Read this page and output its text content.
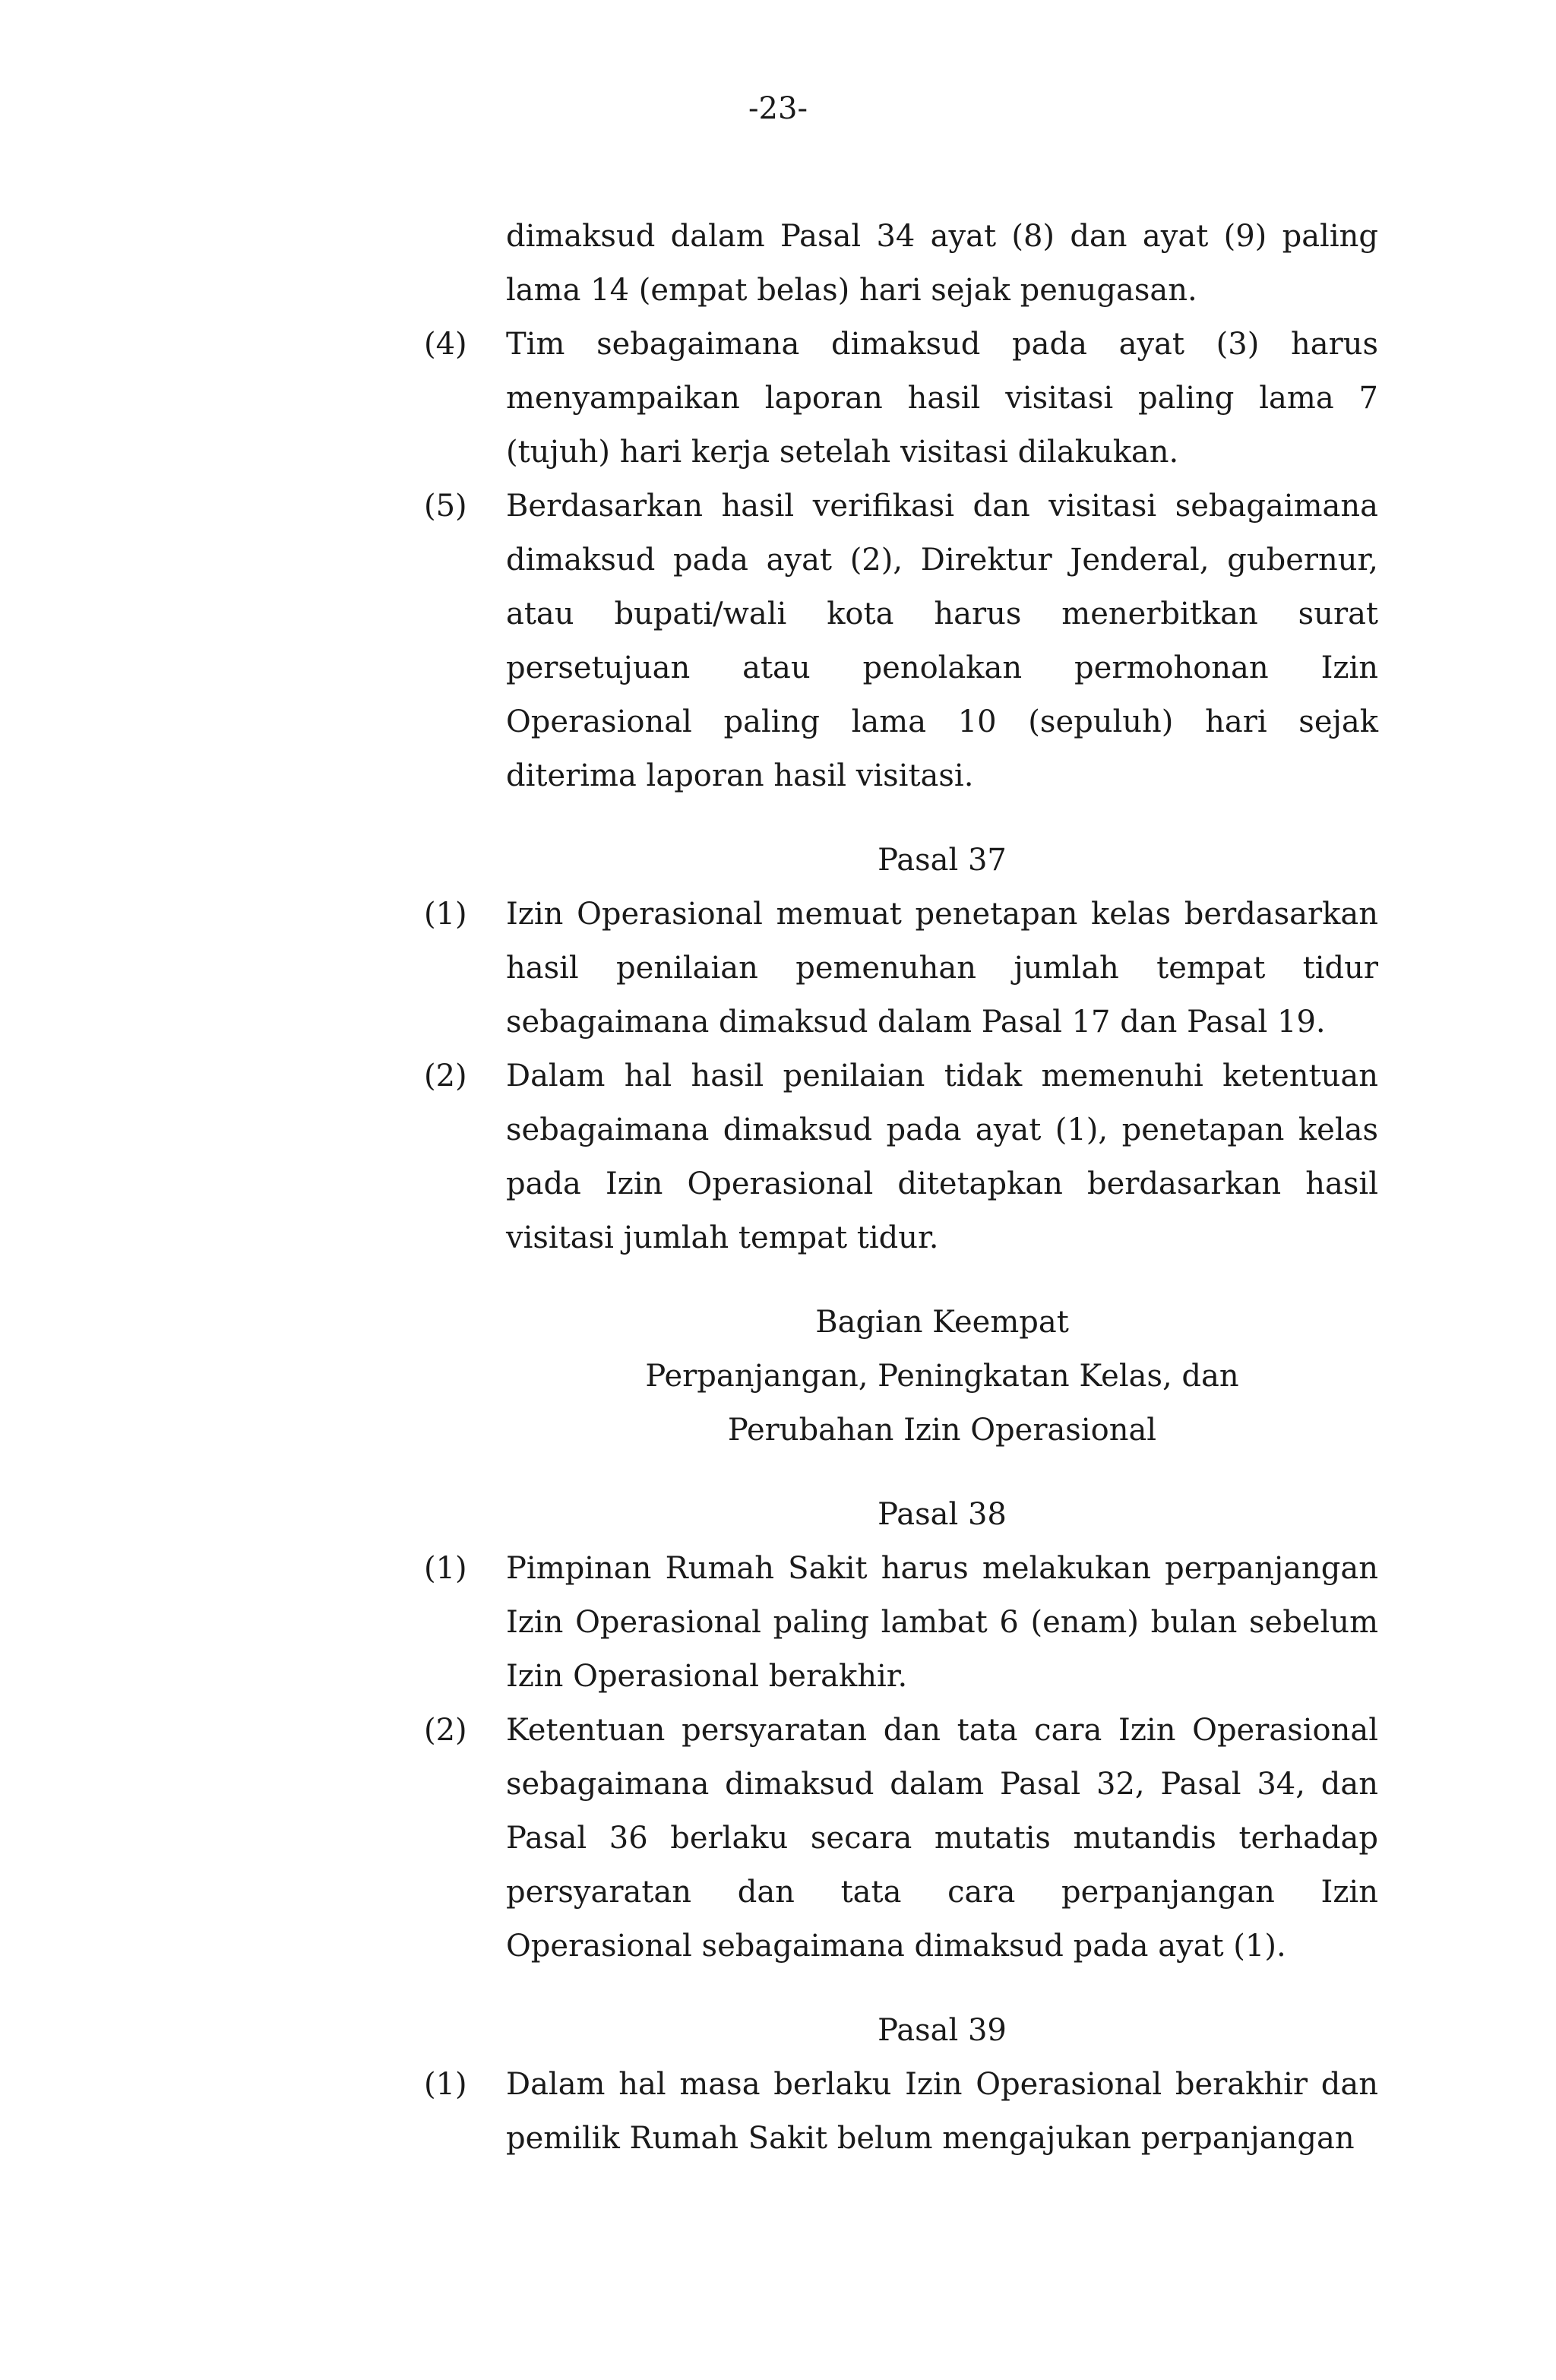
-23-
dimaksud dalam Pasal 34 ayat (8) dan ayat (9) paling lama 14 (empat belas) hari sejak penugasan.
(4) Tim sebagaimana dimaksud pada ayat (3) harus menyampaikan laporan hasil visitasi paling lama 7 (tujuh) hari kerja setelah visitasi dilakukan.
(5) Berdasarkan hasil verifikasi dan visitasi sebagaimana dimaksud pada ayat (2), Direktur Jenderal, gubernur, atau bupati/wali kota harus menerbitkan surat persetujuan atau penolakan permohonan Izin Operasional paling lama 10 (sepuluh) hari sejak diterima laporan hasil visitasi.
Pasal 37
(1) Izin Operasional memuat penetapan kelas berdasarkan hasil penilaian pemenuhan jumlah tempat tidur sebagaimana dimaksud dalam Pasal 17 dan Pasal 19.
(2) Dalam hal hasil penilaian tidak memenuhi ketentuan sebagaimana dimaksud pada ayat (1), penetapan kelas pada Izin Operasional ditetapkan berdasarkan hasil visitasi jumlah tempat tidur.
Bagian Keempat
Perpanjangan, Peningkatan Kelas, dan
Perubahan Izin Operasional
Pasal 38
(1) Pimpinan Rumah Sakit harus melakukan perpanjangan Izin Operasional paling lambat 6 (enam) bulan sebelum Izin Operasional berakhir.
(2) Ketentuan persyaratan dan tata cara Izin Operasional sebagaimana dimaksud dalam Pasal 32, Pasal 34, dan Pasal 36 berlaku secara mutatis mutandis terhadap persyaratan dan tata cara perpanjangan Izin Operasional sebagaimana dimaksud pada ayat (1).
Pasal 39
(1) Dalam hal masa berlaku Izin Operasional berakhir dan pemilik Rumah Sakit belum mengajukan perpanjangan
